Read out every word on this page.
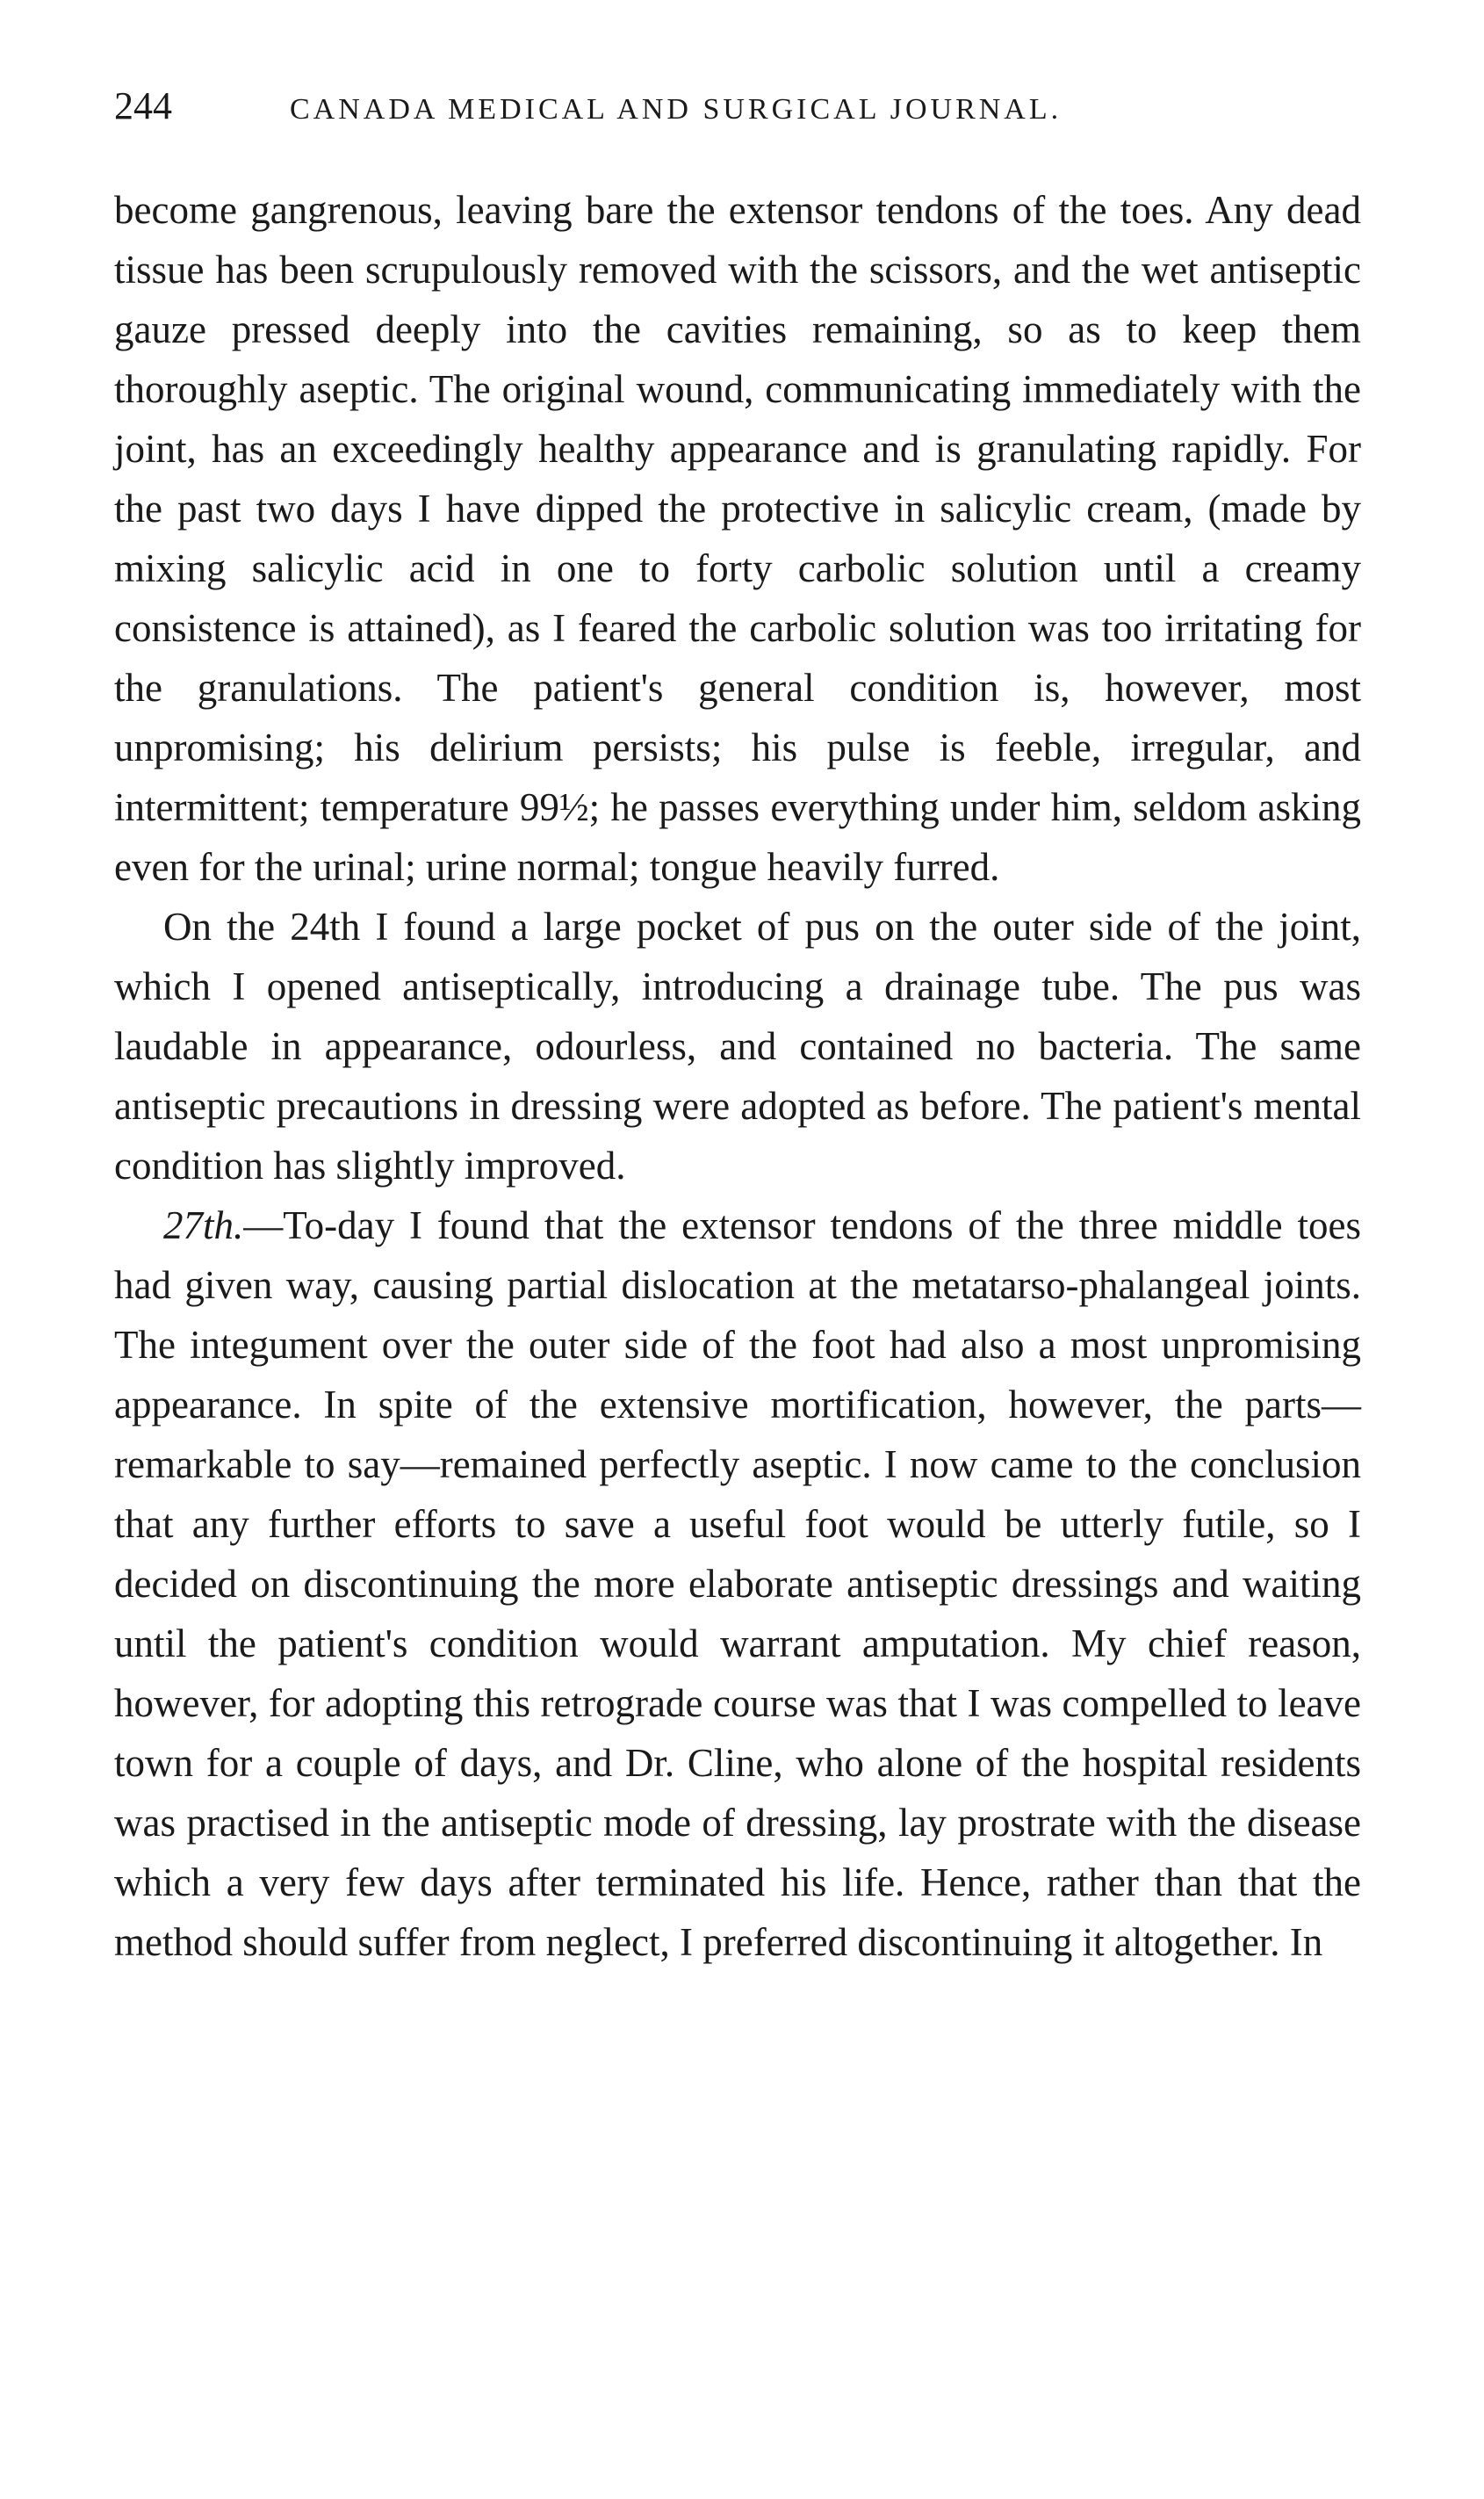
244	CANADA MEDICAL AND SURGICAL JOURNAL.

become gangrenous, leaving bare the extensor tendons of the toes. Any dead tissue has been scrupulously removed with the scissors, and the wet antiseptic gauze pressed deeply into the cavities remaining, so as to keep them thoroughly aseptic. The original wound, communicating immediately with the joint, has an exceedingly healthy appearance and is granulating rapidly. For the past two days I have dipped the protective in salicylic cream, (made by mixing salicylic acid in one to forty carbolic solution until a creamy consistence is attained), as I feared the carbolic solution was too irritating for the granulations. The patient's general condition is, however, most unpromising; his delirium persists; his pulse is feeble, irregular, and intermittent; temperature 99½; he passes everything under him, seldom asking even for the urinal; urine normal; tongue heavily furred.

On the 24th I found a large pocket of pus on the outer side of the joint, which I opened antiseptically, introducing a drainage tube. The pus was laudable in appearance, odourless, and contained no bacteria. The same antiseptic precautions in dressing were adopted as before. The patient's mental condition has slightly improved.

27th.—To-day I found that the extensor tendons of the three middle toes had given way, causing partial dislocation at the metatarso-phalangeal joints. The integument over the outer side of the foot had also a most unpromising appearance. In spite of the extensive mortification, however, the parts—remarkable to say—remained perfectly aseptic. I now came to the conclusion that any further efforts to save a useful foot would be utterly futile, so I decided on discontinuing the more elaborate antiseptic dressings and waiting until the patient's condition would warrant amputation. My chief reason, however, for adopting this retrograde course was that I was compelled to leave town for a couple of days, and Dr. Cline, who alone of the hospital residents was practised in the antiseptic mode of dressing, lay prostrate with the disease which a very few days after terminated his life. Hence, rather than that the method should suffer from neglect, I preferred discontinuing it altogether. In
